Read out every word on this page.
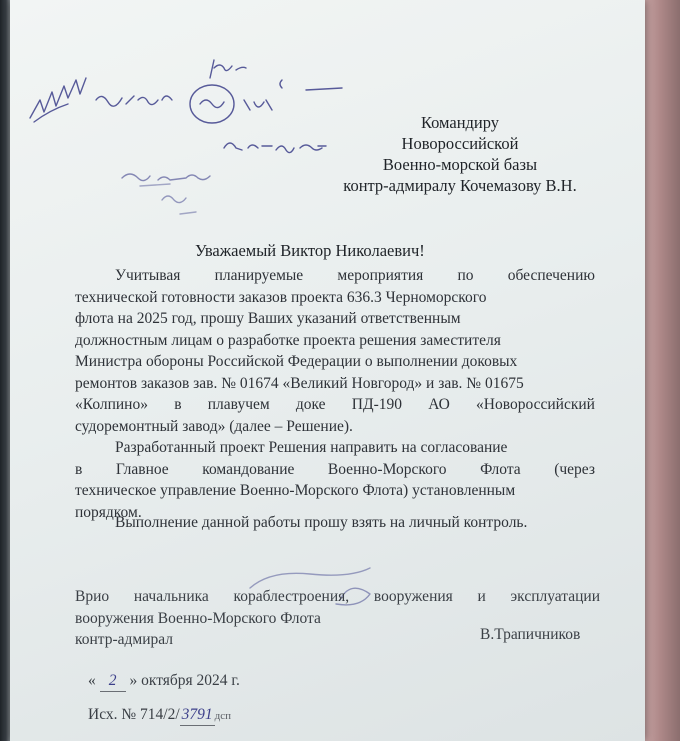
Командиру
Новороссийской
Военно-морской базы
контр-адмиралу Кочемазову В.Н.
Уважаемый Виктор Николаевич!
Учитывая планируемые мероприятия по обеспечению
технической готовности заказов проекта 636.3 Черноморского
флота на 2025 год, прошу Ваших указаний ответственным
должностным лицам о разработке проекта решения заместителя
Министра обороны Российской Федерации о выполнении доковых
ремонтов заказов зав. № 01674 «Великий Новгород» и зав. № 01675
«Колпино» в плавучем доке ПД-190 АО «Новороссийский
судоремонтный завод» (далее – Решение).
Разработанный проект Решения направить на согласование
в Главное командование Военно-Морского Флота (через
техническое управление Военно-Морского Флота) установленным
порядком.
Выполнение данной работы прошу взять на личный контроль.
Врио начальника кораблестроения, вооружения и эксплуатации
вооружения Военно-Морского Флота
контр-адмирал	В.Трапичников
« 2 » октября 2024 г.
Исх. № 714/2/ 3791 дсп
